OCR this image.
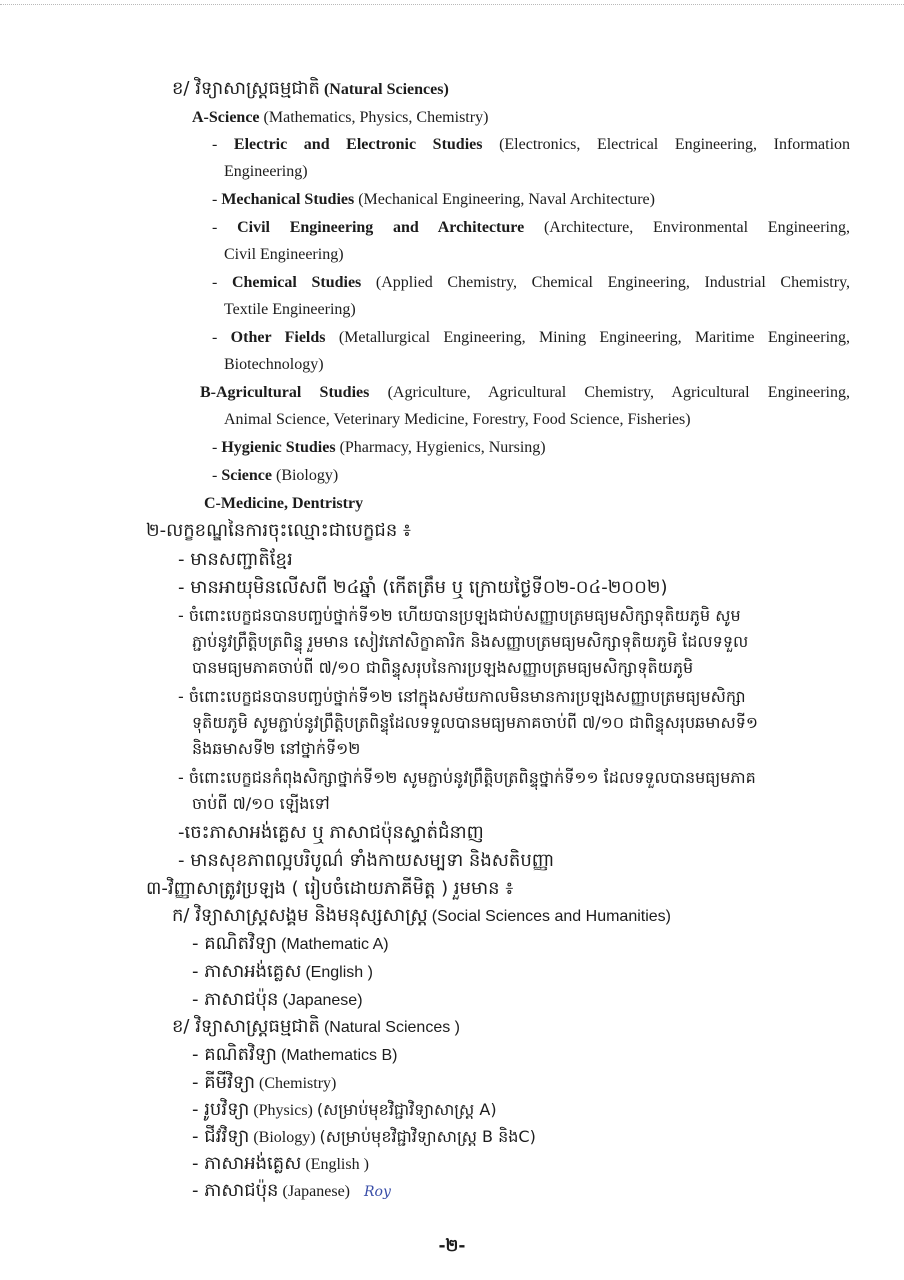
ខ/ វិទ្យាសាស្ត្រធម្មជាតិ (Natural Sciences)
A-Science (Mathematics, Physics, Chemistry)
- Electric and Electronic Studies (Electronics, Electrical Engineering, Information
Engineering)
- Mechanical Studies (Mechanical Engineering, Naval Architecture)
- Civil Engineering and Architecture (Architecture, Environmental Engineering,
Civil Engineering)
- Chemical Studies (Applied Chemistry, Chemical Engineering, Industrial Chemistry,
Textile Engineering)
- Other Fields (Metallurgical Engineering, Mining Engineering, Maritime Engineering,
Biotechnology)
B-Agricultural Studies (Agriculture, Agricultural Chemistry, Agricultural Engineering,
Animal Science, Veterinary Medicine, Forestry, Food Science, Fisheries)
- Hygienic Studies (Pharmacy, Hygienics, Nursing)
- Science (Biology)
C-Medicine, Dentristry
២-លក្ខខណ្ឌនៃការចុះឈ្មោះជាបេក្ខជន ៖
- មានសញ្ជាតិខ្មែរ
- មានអាយុមិនលើសពី ២៤ឆ្នាំ (កើតត្រឹម ឬ ក្រោយថ្ងៃទី០២-០៤-២០០២)
- ចំពោះបេក្ខជនបានបញ្ចប់ថ្នាក់ទី១២ ហើយបានប្រឡងជាប់សញ្ញាបត្រមធ្យមសិក្សាទុតិយភូមិ សូម
ភ្ជាប់នូវព្រឹត្តិបត្រពិន្ទុ រួមមាន សៀវភៅសិក្ខាគារិក និងសញ្ញាបត្រមធ្យមសិក្សាទុតិយភូមិ ដែលទទួល
បានមធ្យមភាគចាប់ពី ៧/១០ ជាពិន្ទុសរុបនៃការប្រឡងសញ្ញាបត្រមធ្យមសិក្សាទុតិយភូមិ
- ចំពោះបេក្ខជនបានបញ្ចប់ថ្នាក់ទី១២ នៅក្នុងសម័យកាលមិនមានការប្រឡងសញ្ញាបត្រមធ្យមសិក្សា
ទុតិយភូមិ សូមភ្ជាប់នូវព្រឹត្តិបត្រពិន្ទុដែលទទួលបានមធ្យមភាគចាប់ពី ៧/១០ ជាពិន្ទុសរុបឆមាសទី១
និងឆមាសទី២ នៅថ្នាក់ទី១២
- ចំពោះបេក្ខជនកំពុងសិក្សាថ្នាក់ទី១២ សូមភ្ជាប់នូវព្រឹត្តិបត្រពិន្ទុថ្នាក់ទី១១ ដែលទទួលបានមធ្យមភាគ
ចាប់ពី ៧/១០ ឡើងទៅ
-ចេះភាសាអង់គ្លេស ឬ ភាសាជប៉ុនស្ទាត់ជំនាញ
- មានសុខភាពល្អបរិបូណ៌ ទាំងកាយសម្បទា និងសតិបញ្ញា
៣-វិញ្ញាសាត្រូវប្រឡង ( រៀបចំដោយភាគីមិត្ត ) រួមមាន ៖
ក/ វិទ្យាសាស្ត្រសង្គម និងមនុស្សសាស្ត្រ (Social Sciences and Humanities)
- គណិតវិទ្យា (Mathematic A)
- ភាសាអង់គ្លេស (English )
- ភាសាជប៉ុន (Japanese)
ខ/ វិទ្យាសាស្ត្រធម្មជាតិ (Natural Sciences )
- គណិតវិទ្យា (Mathematics B)
- គីមីវិទ្យា (Chemistry)
- រូបវិទ្យា (Physics) (សម្រាប់មុខវិជ្ជាវិទ្យាសាស្ត្រ A)
- ជីវវិទ្យា (Biology) (សម្រាប់មុខវិជ្ជាវិទ្យាសាស្ត្រ B និងC)
- ភាសាអង់គ្លេស (English )
- ភាសាជប៉ុន (Japanese) Roy
-២-
